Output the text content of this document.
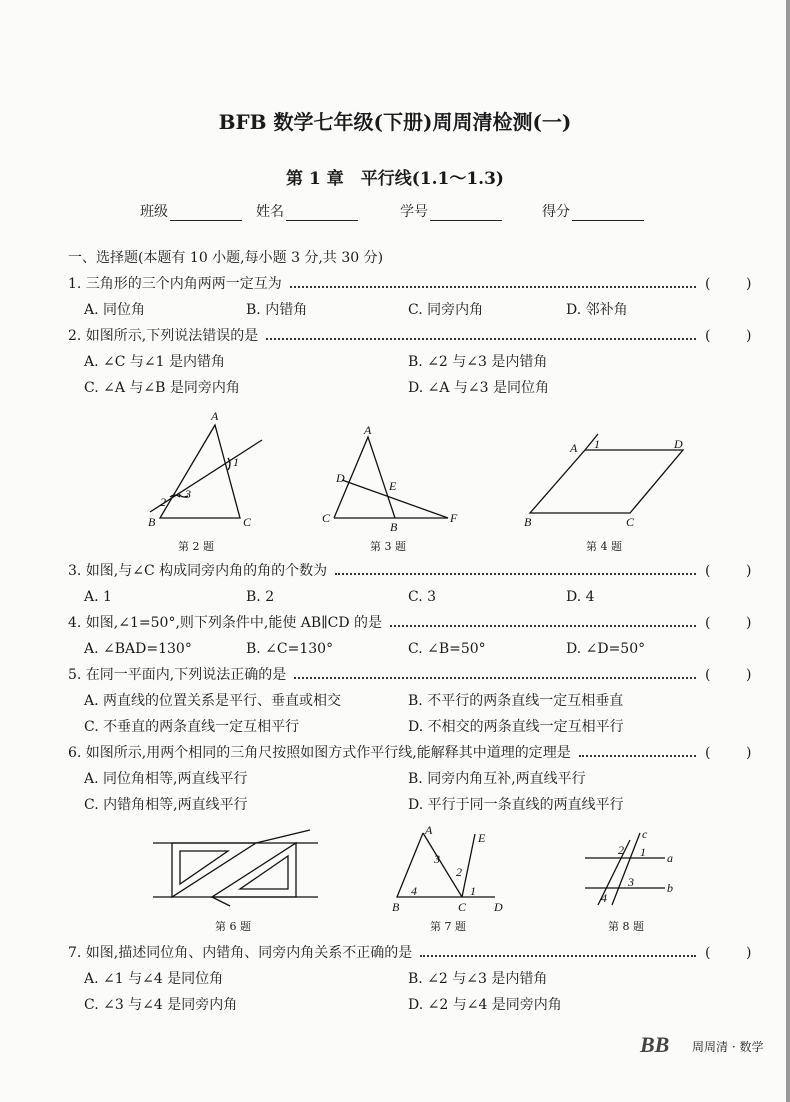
BFB 数学七年级(下册)周周清检测(一)
第 1 章　平行线(1.1～1.3)
班级	姓名	学号	得分
一、选择题(本题有 10 小题,每小题 3 分,共 30 分)
1. 三角形的三个内角两两一定互为	(	)
A. 同位角	B. 内错角	C. 同旁内角	D. 邻补角
2. 如图所示,下列说法错误的是	(	)
A. ∠C 与∠1 是内错角	B. ∠2 与∠3 是内错角
C. ∠A 与∠B 是同旁内角	D. ∠A 与∠3 是同位角
3. 如图,与∠C 构成同旁内角的角的个数为	(	)
A. 1	B. 2	C. 3	D. 4
4. 如图,∠1=50°,则下列条件中,能使 AB∥CD 的是	(	)
A. ∠BAD=130°	B. ∠C=130°	C. ∠B=50°	D. ∠D=50°
5. 在同一平面内,下列说法正确的是	(	)
A. 两直线的位置关系是平行、垂直或相交	B. 不平行的两条直线一定互相垂直
C. 不垂直的两条直线一定互相平行	D. 不相交的两条直线一定互相平行
6. 如图所示,用两个相同的三角尺按照如图方式作平行线,能解释其中道理的定理是	(	)
A. 同位角相等,两直线平行	B. 同旁内角互补,两直线平行
C. 内错角相等,两直线平行	D. 平行于同一条直线的两直线平行
7. 如图,描述同位角、内错角、同旁内角关系不正确的是	(	)
A. ∠1 与∠4 是同位角	B. ∠2 与∠3 是内错角
C. ∠3 与∠4 是同旁内角	D. ∠2 与∠4 是同旁内角
A
B	C
1
2
3
A
D
E
C
B
F
A 1	D
B	C
A
E
3
2
4	1
B	C D
c
2 1 a
3
4
b
第 2 题	第 3 题	第 4 题
第 6 题	第 7 题	第 8 题
BB 周周清 · 数学
